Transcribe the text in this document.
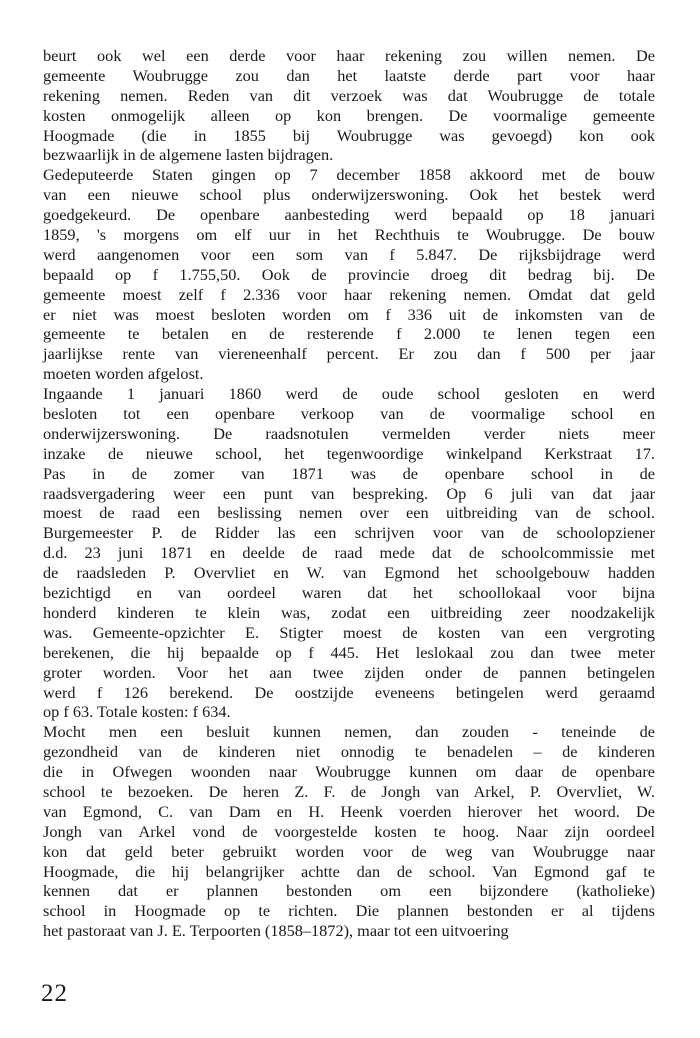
beurt ook wel een derde voor haar rekening zou willen nemen. De
gemeente Woubrugge zou dan het laatste derde part voor haar
rekening nemen. Reden van dit verzoek was dat Woubrugge de totale
kosten onmogelijk alleen op kon brengen. De voormalige gemeente
Hoogmade (die in 1855 bij Woubrugge was gevoegd) kon ook
bezwaarlijk in de algemene lasten bijdragen.
Gedeputeerde Staten gingen op 7 december 1858 akkoord met de bouw
van een nieuwe school plus onderwijzerswoning. Ook het bestek werd
goedgekeurd. De openbare aanbesteding werd bepaald op 18 januari
1859, 's morgens om elf uur in het Rechthuis te Woubrugge. De bouw
werd aangenomen voor een som van f 5.847. De rijksbijdrage werd
bepaald op f 1.755,50. Ook de provincie droeg dit bedrag bij. De
gemeente moest zelf f 2.336 voor haar rekening nemen. Omdat dat geld
er niet was moest besloten worden om f 336 uit de inkomsten van de
gemeente te betalen en de resterende f 2.000 te lenen tegen een
jaarlijkse rente van viereneenhalf percent. Er zou dan f 500 per jaar
moeten worden afgelost.
Ingaande 1 januari 1860 werd de oude school gesloten en werd
besloten tot een openbare verkoop van de voormalige school en
onderwijzerswoning. De raadsnotulen vermelden verder niets meer
inzake de nieuwe school, het tegenwoordige winkelpand Kerkstraat 17.
Pas in de zomer van 1871 was de openbare school in de
raadsvergadering weer een punt van bespreking. Op 6 juli van dat jaar
moest de raad een beslissing nemen over een uitbreiding van de school.
Burgemeester P. de Ridder las een schrijven voor van de schoolopziener
d.d. 23 juni 1871 en deelde de raad mede dat de schoolcommissie met
de raadsleden P. Overvliet en W. van Egmond het schoolgebouw hadden
bezichtigd en van oordeel waren dat het schoollokaal voor bijna
honderd kinderen te klein was, zodat een uitbreiding zeer noodzakelijk
was. Gemeente-opzichter E. Stigter moest de kosten van een vergroting
berekenen, die hij bepaalde op f 445. Het leslokaal zou dan twee meter
groter worden. Voor het aan twee zijden onder de pannen betingelen
werd f 126 berekend. De oostzijde eveneens betingelen werd geraamd
op f 63. Totale kosten: f 634.
Mocht men een besluit kunnen nemen, dan zouden - teneinde de
gezondheid van de kinderen niet onnodig te benadelen – de kinderen
die in Ofwegen woonden naar Woubrugge kunnen om daar de openbare
school te bezoeken. De heren Z. F. de Jongh van Arkel, P. Overvliet, W.
van Egmond, C. van Dam en H. Heenk voerden hierover het woord. De
Jongh van Arkel vond de voorgestelde kosten te hoog. Naar zijn oordeel
kon dat geld beter gebruikt worden voor de weg van Woubrugge naar
Hoogmade, die hij belangrijker achtte dan de school. Van Egmond gaf te
kennen dat er plannen bestonden om een bijzondere (katholieke)
school in Hoogmade op te richten. Die plannen bestonden er al tijdens
het pastoraat van J. E. Terpoorten (1858–1872), maar tot een uitvoering
22
